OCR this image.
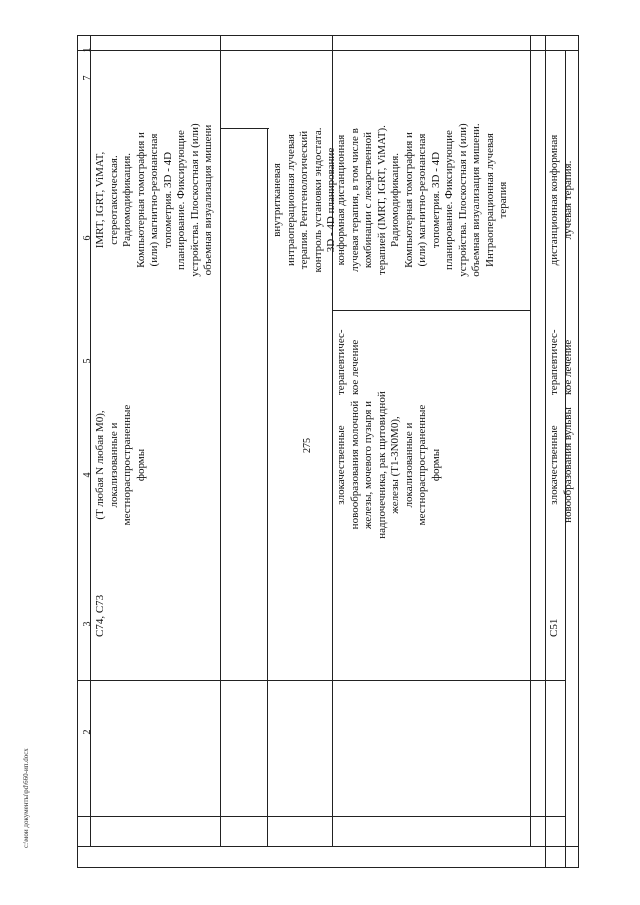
275
c:\мои документы\pd\660-ип.docx
1
2
3
4
5
6
7
C74, C73
(T любая N любая M0),
локализованные и
местнораспространенные
формы
IMRT, IGRT, ViMAT,
стереотаксическая.
Радиомодификация.
Компьютерная томография и
(или) магнитно-резонансная
топометрия. 3D - 4D
планирование. Фиксирующие
устройства. Плоскостная и (или)
объемная визуализация мишени
внутритканевая
интраоперационная лучевая
терапия. Рентгенологический
контроль установки эндостата.
3D - 4D планирование
злокачественные
новообразования молочной
железы, мочевого пузыря и
надпочечника, рак щитовидной
железы (T1-3N0M0),
локализованные и
местнораспространенные
формы
терапевтичес-
кое лечение
конформная дистанционная
лучевая терапия, в том числе в
комбинации с лекарственной
терапией (IMRT, IGRT, ViMAT).
Радиомодификация.
Компьютерная томография и
(или) магнитно-резонансная
топометрия. 3D - 4D
планирование. Фиксирующие
устройства. Плоскостная и (или)
объемная визуализация мишени.
Интраоперационная лучевая
терапия
C51
злокачественные
новообразования вульвы
терапевтичес-
кое лечение
дистанционная конформная
лучевая терапия.
